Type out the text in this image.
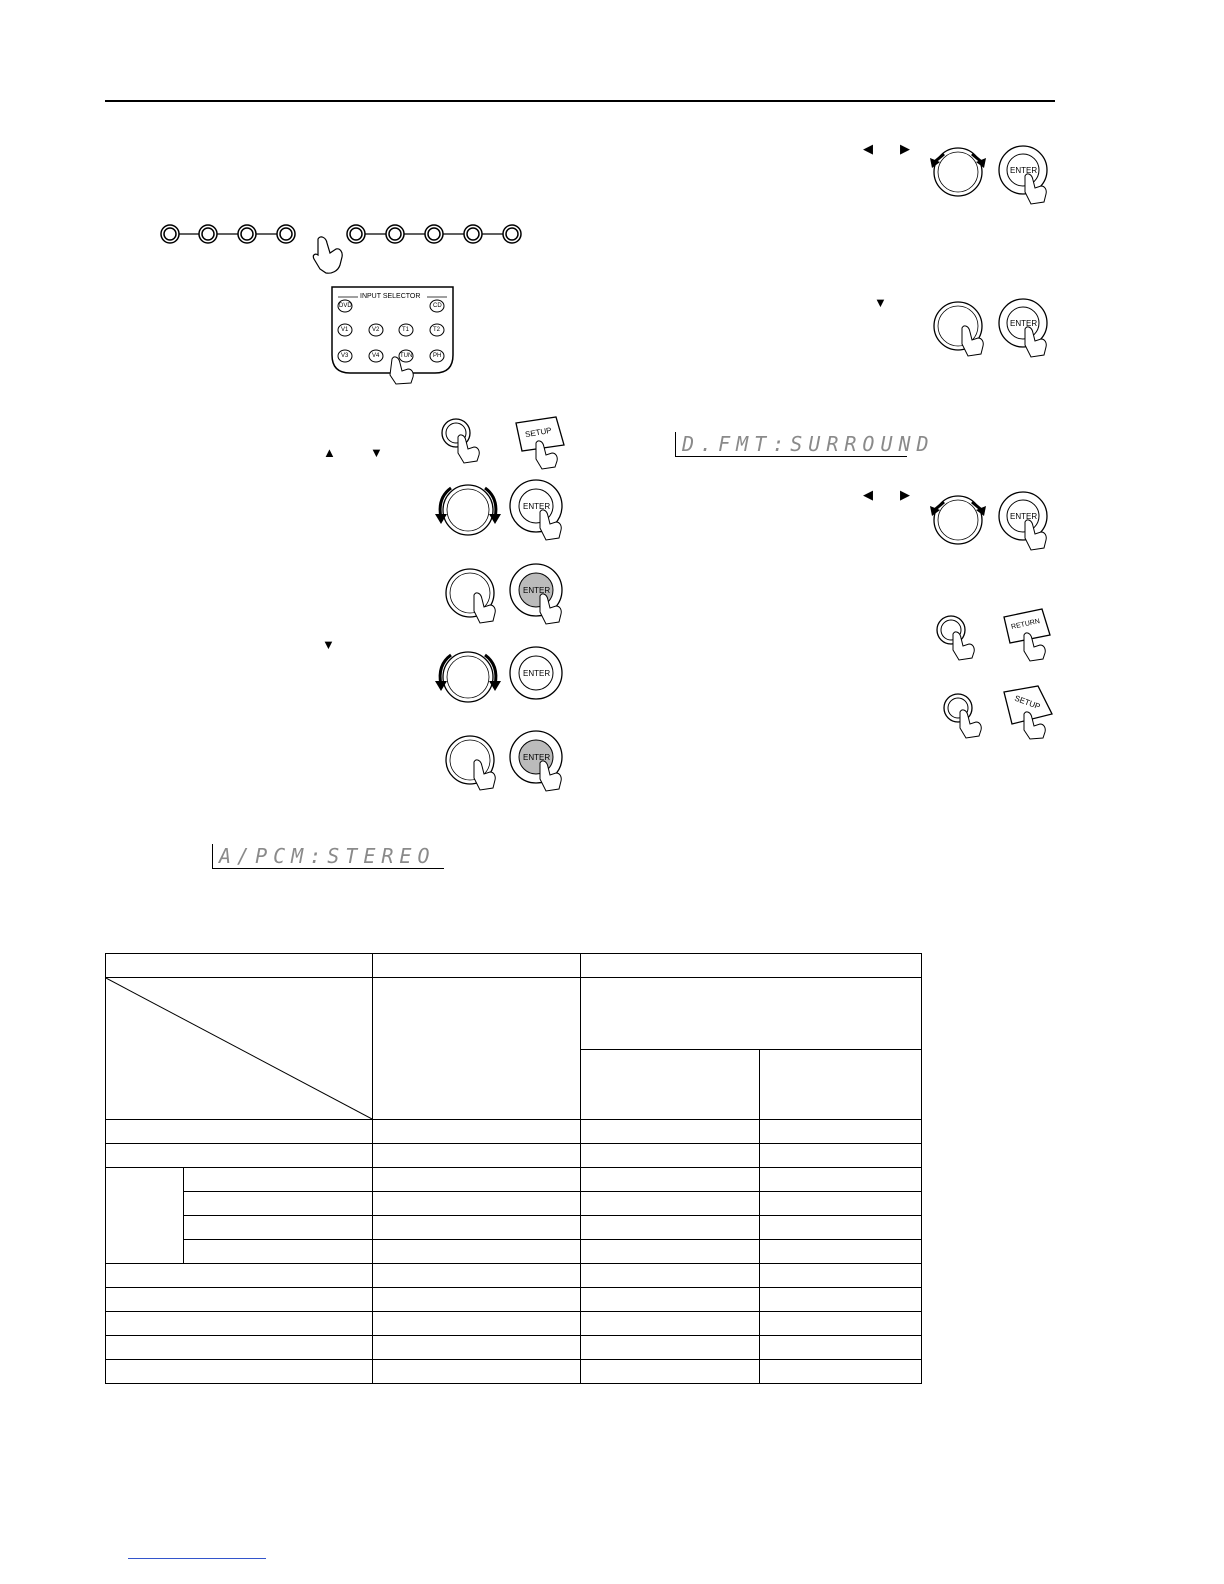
◀ ▶
INPUT SELECTOR
DVD	CD
V1	V2	T1	T2
V3	V4	TUN	PH
▲	▼
▼
▼
◀ ▶
SETUP
ENTER
ENTER
ENTER
ENTER
ENTER
ENTER
D.FMT:SURROUND
ENTER
RETURN
SETUP
A/PCM:STEREO
